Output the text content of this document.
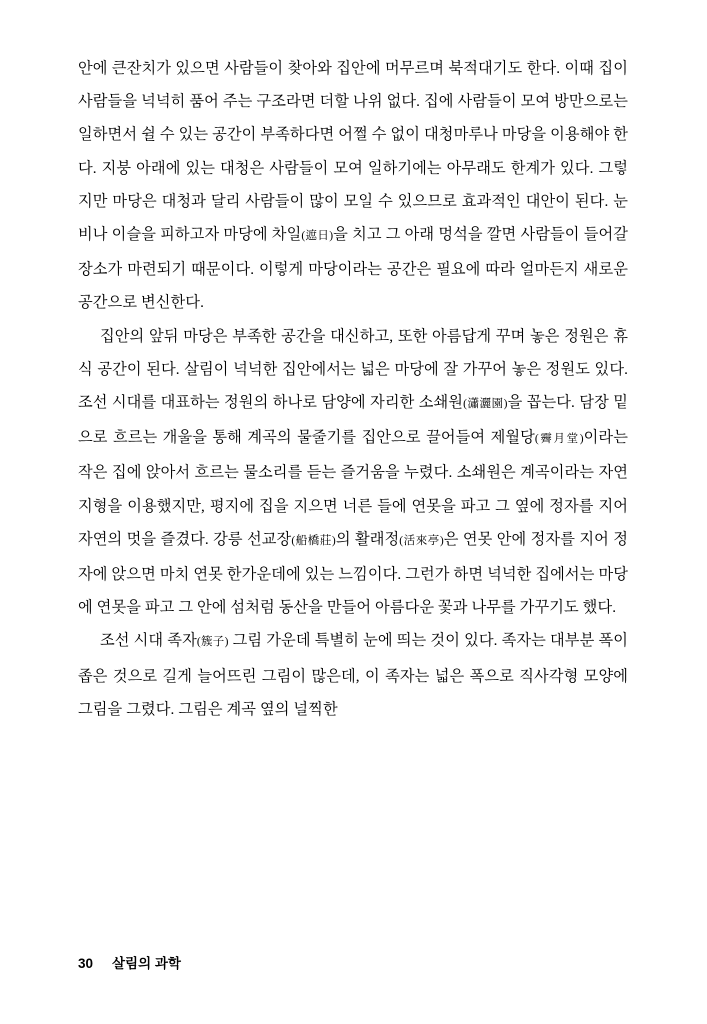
안에 큰잔치가 있으면 사람들이 찾아와 집안에 머무르며 북적대기도 한다. 이때 집이 사람들을 넉넉히 품어 주는 구조라면 더할 나위 없다. 집에 사람들이 모여 방만으로는 일하면서 쉴 수 있는 공간이 부족하다면 어쩔 수 없이 대청마루나 마당을 이용해야 한다. 지붕 아래에 있는 대청은 사람들이 모여 일하기에는 아무래도 한계가 있다. 그렇지만 마당은 대청과 달리 사람들이 많이 모일 수 있으므로 효과적인 대안이 된다. 눈비나 이슬을 피하고자 마당에 차일(遮日)을 치고 그 아래 멍석을 깔면 사람들이 들어갈 장소가 마련되기 때문이다. 이렇게 마당이라는 공간은 필요에 따라 얼마든지 새로운 공간으로 변신한다.

집안의 앞뒤 마당은 부족한 공간을 대신하고, 또한 아름답게 꾸며 놓은 정원은 휴식 공간이 된다. 살림이 넉넉한 집안에서는 넓은 마당에 잘 가꾸어 놓은 정원도 있다. 조선 시대를 대표하는 정원의 하나로 담양에 자리한 소쇄원(瀟灑園)을 꼽는다. 담장 밑으로 흐르는 개울을 통해 계곡의 물줄기를 집안으로 끌어들여 제월당(霽月堂)이라는 작은 집에 앉아서 흐르는 물소리를 듣는 즐거움을 누렸다. 소쇄원은 계곡이라는 자연 지형을 이용했지만, 평지에 집을 지으면 너른 들에 연못을 파고 그 옆에 정자를 지어 자연의 멋을 즐겼다. 강릉 선교장(船橋莊)의 활래정(活來亭)은 연못 안에 정자를 지어 정자에 앉으면 마치 연못 한가운데에 있는 느낌이다. 그런가 하면 넉넉한 집에서는 마당에 연못을 파고 그 안에 섬처럼 동산을 만들어 아름다운 꽃과 나무를 가꾸기도 했다.

조선 시대 족자(簇子) 그림 가운데 특별히 눈에 띄는 것이 있다. 족자는 대부분 폭이 좁은 것으로 길게 늘어뜨린 그림이 많은데, 이 족자는 넓은 폭으로 직사각형 모양에 그림을 그렸다. 그림은 계곡 옆의 널찍한

30 살림의 과학
